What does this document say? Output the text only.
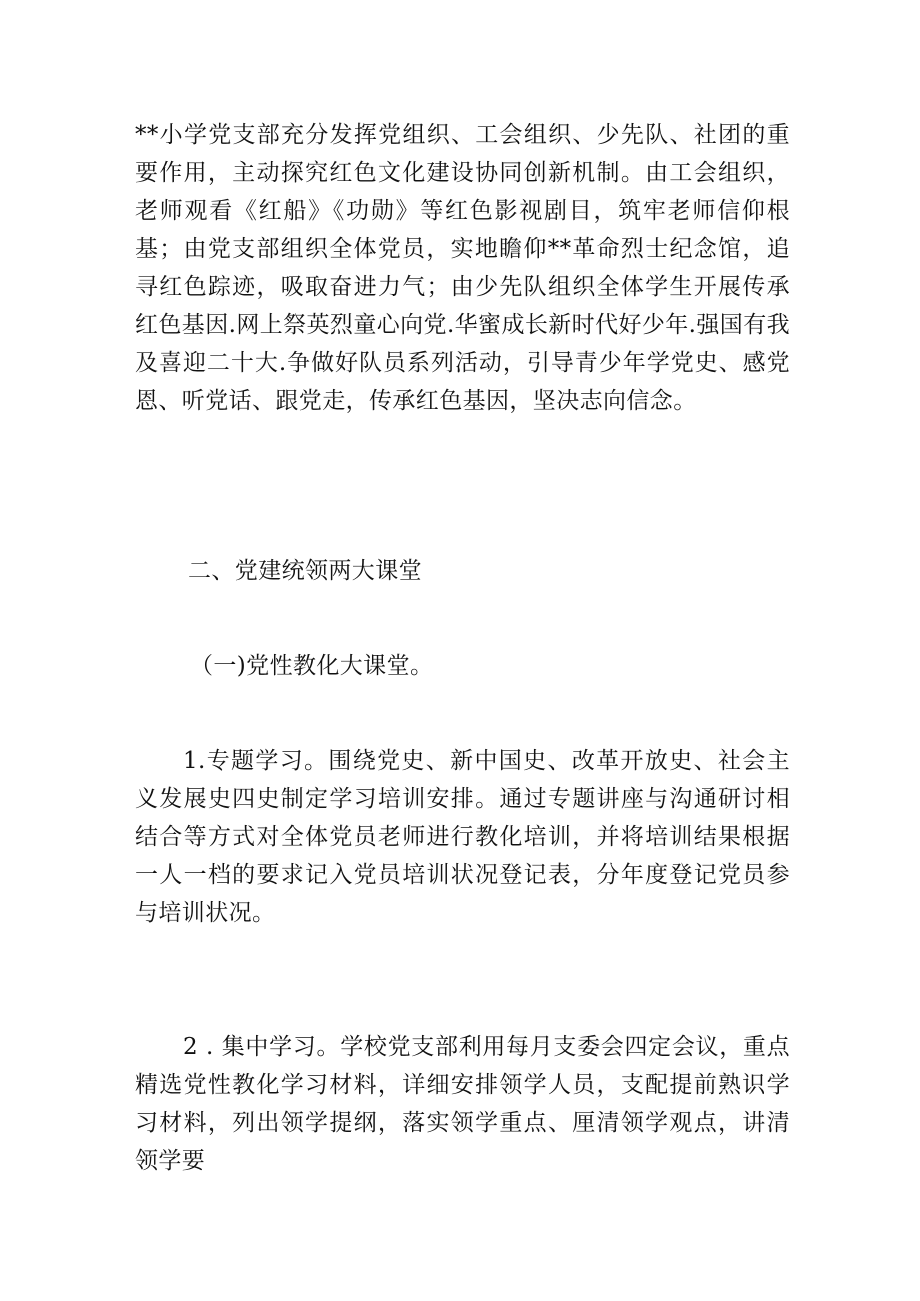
**小学党支部充分发挥党组织、工会组织、少先队、社团的重要作用，主动探究红色文化建设协同创新机制。由工会组织，老师观看《红船》《功勋》等红色影视剧目，筑牢老师信仰根基；由党支部组织全体党员，实地瞻仰**革命烈士纪念馆，追寻红色踪迹，吸取奋进力气；由少先队组织全体学生开展传承红色基因.网上祭英烈童心向党.华蜜成长新时代好少年.强国有我及喜迎二十大.争做好队员系列活动，引导青少年学党史、感党恩、听党话、跟党走，传承红色基因，坚决志向信念。

二、党建统领两大课堂

（一)党性教化大课堂。

1.专题学习。围绕党史、新中国史、改革开放史、社会主义发展史四史制定学习培训安排。通过专题讲座与沟通研讨相结合等方式对全体党员老师进行教化培训，并将培训结果根据一人一档的要求记入党员培训状况登记表，分年度登记党员参与培训状况。

2 . 集中学习。学校党支部利用每月支委会四定会议，重点精选党性教化学习材料，详细安排领学人员，支配提前熟识学习材料，列出领学提纲，落实领学重点、厘清领学观点，讲清领学要
